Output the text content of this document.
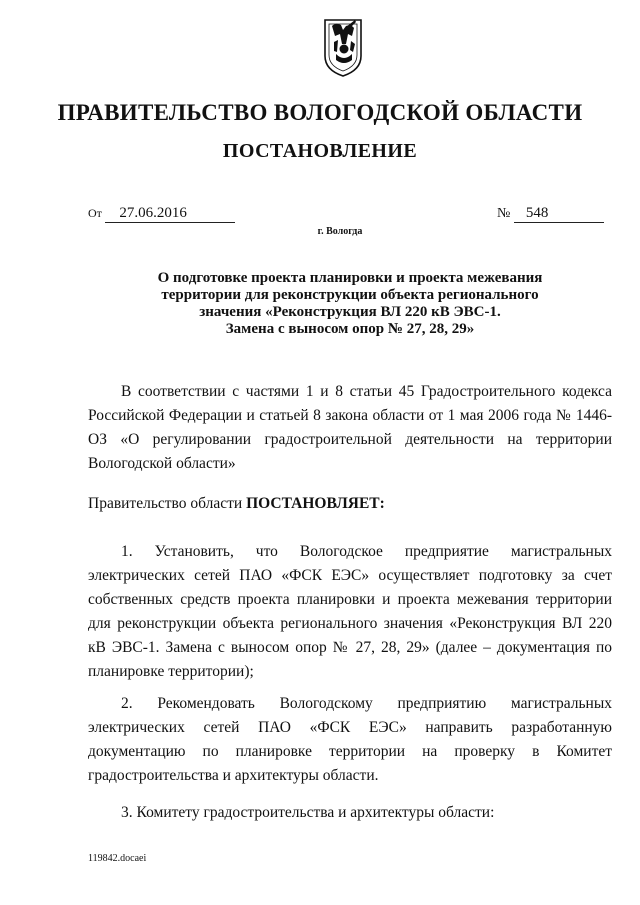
ПРАВИТЕЛЬСТВО ВОЛОГОДСКОЙ ОБЛАСТИ
ПОСТАНОВЛЕНИЕ
От 27.06.2016	№ 548
г. Вологда
О подготовке проекта планировки и проекта межевания
территории для реконструкции объекта регионального
значения «Реконструкция ВЛ 220 кВ ЭВС-1.
Замена с выносом опор № 27, 28, 29»

В соответствии с частями 1 и 8 статьи 45 Градостроительного кодекса Российской Федерации и статьей 8 закона области от 1 мая 2006 года № 1446-ОЗ «О регулировании градостроительной деятельности на территории Вологодской области»

Правительство области ПОСТАНОВЛЯЕТ:

1. Установить, что Вологодское предприятие магистральных электрических сетей ПАО «ФСК ЕЭС» осуществляет подготовку за счет собственных средств проекта планировки и проекта межевания территории для реконструкции объекта регионального значения «Реконструкция ВЛ 220 кВ ЭВС-1. Замена с выносом опор № 27, 28, 29» (далее – документация по планировке территории);

2. Рекомендовать Вологодскому предприятию магистральных электрических сетей ПАО «ФСК ЕЭС» направить разработанную документацию по планировке территории на проверку в Комитет градостроительства и архитектуры области.

3. Комитету градостроительства и архитектуры области:

119842.docaei
